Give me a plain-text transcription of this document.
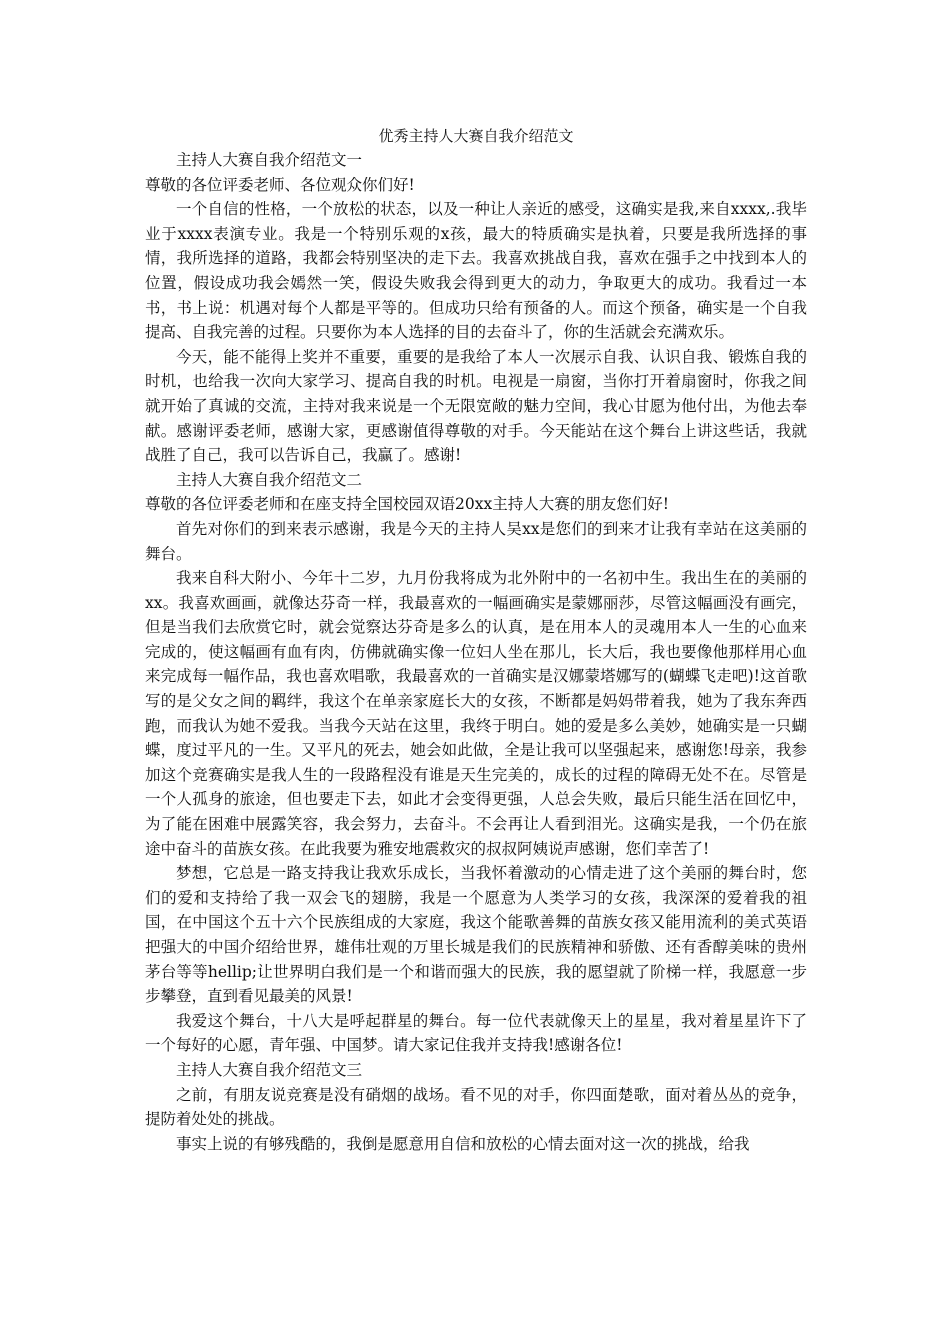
优秀主持人大赛自我介绍范文

主持人大赛自我介绍范文一

尊敬的各位评委老师、各位观众你们好!

一个自信的性格，一个放松的状态，以及一种让人亲近的感受，这确实是我,来自xxxx,.我毕业于xxxx表演专业。我是一个特别乐观的x孩，最大的特质确实是执着，只要是我所选择的事情，我所选择的道路，我都会特别坚决的走下去。我喜欢挑战自我，喜欢在强手之中找到本人的位置，假设成功我会嫣然一笑，假设失败我会得到更大的动力，争取更大的成功。我看过一本书，书上说：机遇对每个人都是平等的。但成功只给有预备的人。而这个预备，确实是一个自我提高、自我完善的过程。只要你为本人选择的目的去奋斗了，你的生活就会充满欢乐。

今天，能不能得上奖并不重要，重要的是我给了本人一次展示自我、认识自我、锻炼自我的时机，也给我一次向大家学习、提高自我的时机。电视是一扇窗，当你打开着扇窗时，你我之间就开始了真诚的交流，主持对我来说是一个无限宽敞的魅力空间，我心甘愿为他付出，为他去奉献。感谢评委老师，感谢大家，更感谢值得尊敬的对手。今天能站在这个舞台上讲这些话，我就战胜了自己，我可以告诉自己，我赢了。感谢!

主持人大赛自我介绍范文二

尊敬的各位评委老师和在座支持全国校园双语20xx主持人大赛的朋友您们好!

首先对你们的到来表示感谢，我是今天的主持人吴xx是您们的到来才让我有幸站在这美丽的舞台。

我来自科大附小、今年十二岁，九月份我将成为北外附中的一名初中生。我出生在的美丽的xx。我喜欢画画，就像达芬奇一样，我最喜欢的一幅画确实是蒙娜丽莎，尽管这幅画没有画完，但是当我们去欣赏它时，就会觉察达芬奇是多么的认真，是在用本人的灵魂用本人一生的心血来完成的，使这幅画有血有肉，仿佛就确实像一位妇人坐在那儿，长大后，我也要像他那样用心血来完成每一幅作品，我也喜欢唱歌，我最喜欢的一首确实是汉娜蒙塔娜写的(蝴蝶飞走吧)!这首歌写的是父女之间的羁绊，我这个在单亲家庭长大的女孩，不断都是妈妈带着我，她为了我东奔西跑，而我认为她不爱我。当我今天站在这里，我终于明白。她的爱是多么美妙，她确实是一只蝴蝶，度过平凡的一生。又平凡的死去，她会如此做，全是让我可以坚强起来，感谢您!母亲，我参加这个竞赛确实是我人生的一段路程没有谁是天生完美的，成长的过程的障碍无处不在。尽管是一个人孤身的旅途，但也要走下去，如此才会变得更强，人总会失败，最后只能生活在回忆中，为了能在困难中展露笑容，我会努力，去奋斗。不会再让人看到泪光。这确实是我，一个仍在旅途中奋斗的苗族女孩。在此我要为雅安地震救灾的叔叔阿姨说声感谢，您们幸苦了!

梦想，它总是一路支持我让我欢乐成长，当我怀着激动的心情走进了这个美丽的舞台时，您们的爱和支持给了我一双会飞的翅膀，我是一个愿意为人类学习的女孩，我深深的爱着我的祖国，在中国这个五十六个民族组成的大家庭，我这个能歌善舞的苗族女孩又能用流利的美式英语把强大的中国介绍给世界，雄伟壮观的万里长城是我们的民族精神和骄傲、还有香醇美味的贵州茅台等等hellip;让世界明白我们是一个和谐而强大的民族，我的愿望就了阶梯一样，我愿意一步步攀登，直到看见最美的风景!

我爱这个舞台，十八大是呼起群星的舞台。每一位代表就像天上的星星，我对着星星许下了一个每好的心愿，青年强、中国梦。请大家记住我并支持我!感谢各位!

主持人大赛自我介绍范文三

之前，有朋友说竞赛是没有硝烟的战场。看不见的对手，你四面楚歌，面对着丛丛的竞争，提防着处处的挑战。

事实上说的有够残酷的，我倒是愿意用自信和放松的心情去面对这一次的挑战，给我
